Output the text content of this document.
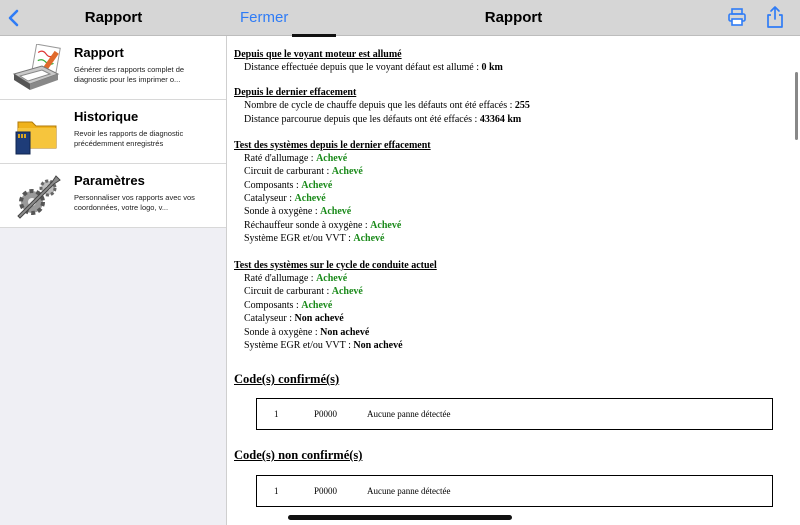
Rapport	Fermer	Rapport
Rapport
Générer des rapports complet de diagnostic pour les imprimer o...
Historique
Revoir les rapports de diagnostic précédemment enregistrés
Paramètres
Personnaliser vos rapports avec vos coordonnées, votre logo, v...
Depuis que le voyant moteur est allumé
Distance effectuée depuis que le voyant défaut est allumé : 0 km
Depuis le dernier effacement
Nombre de cycle de chauffe depuis que les défauts ont été effacés : 255
Distance parcourue depuis que les défauts ont été effacés : 43364 km
Test des systèmes depuis le dernier effacement
Raté d'allumage : Achevé
Circuit de carburant : Achevé
Composants : Achevé
Catalyseur : Achevé
Sonde à oxygène : Achevé
Réchauffeur sonde à oxygène : Achevé
Système EGR et/ou VVT : Achevé
Test des systèmes sur le cycle de conduite actuel
Raté d'allumage : Achevé
Circuit de carburant : Achevé
Composants : Achevé
Catalyseur : Non achevé
Sonde à oxygène : Non achevé
Système EGR et/ou VVT : Non achevé
Code(s) confirmé(s)
1	P0000	Aucune panne détectée
Code(s) non confirmé(s)
1	P0000	Aucune panne détectée
